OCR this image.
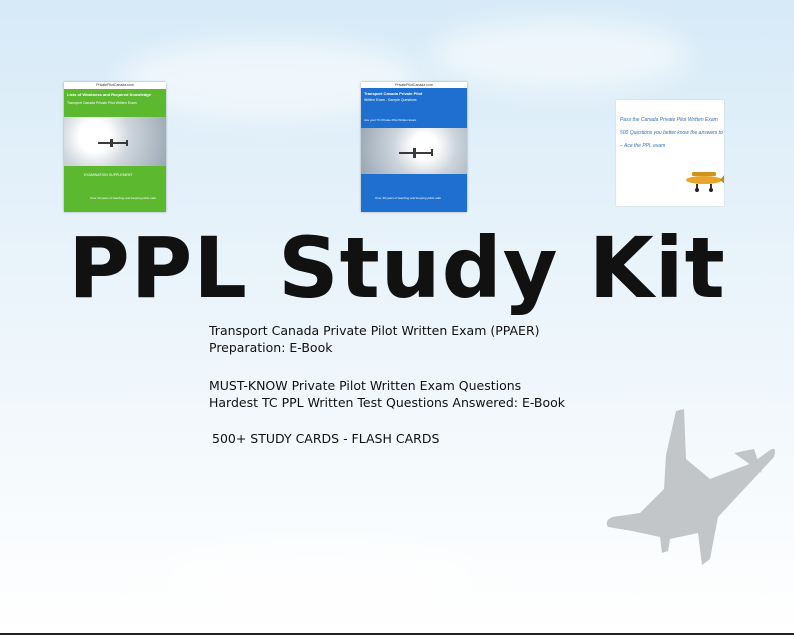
PrivatePilotCanada.com
Lists of Weakness and Required Knowledge
Transport Canada Private Pilot Written Exam
EXAMINATION SUPPLEMENT
Over 40 years of teaching and keeping pilots safe
PrivatePilotCanada.com
Transport Canada Private Pilot
Written Exam - Sample Questions
Ace your TC Private Pilot Written Exam
Over 40 years of teaching and keeping pilots safe
Pass the Canada Private Pilot Written Exam 500 Questions you better know the answers to – Ace the PPL exam
PPL Study Kit
Transport Canada Private Pilot Written Exam (PPAER)
Preparation: E-Book
MUST-KNOW Private Pilot Written Exam Questions
Hardest TC PPL Written Test Questions Answered: E-Book
500+ STUDY CARDS - FLASH CARDS
